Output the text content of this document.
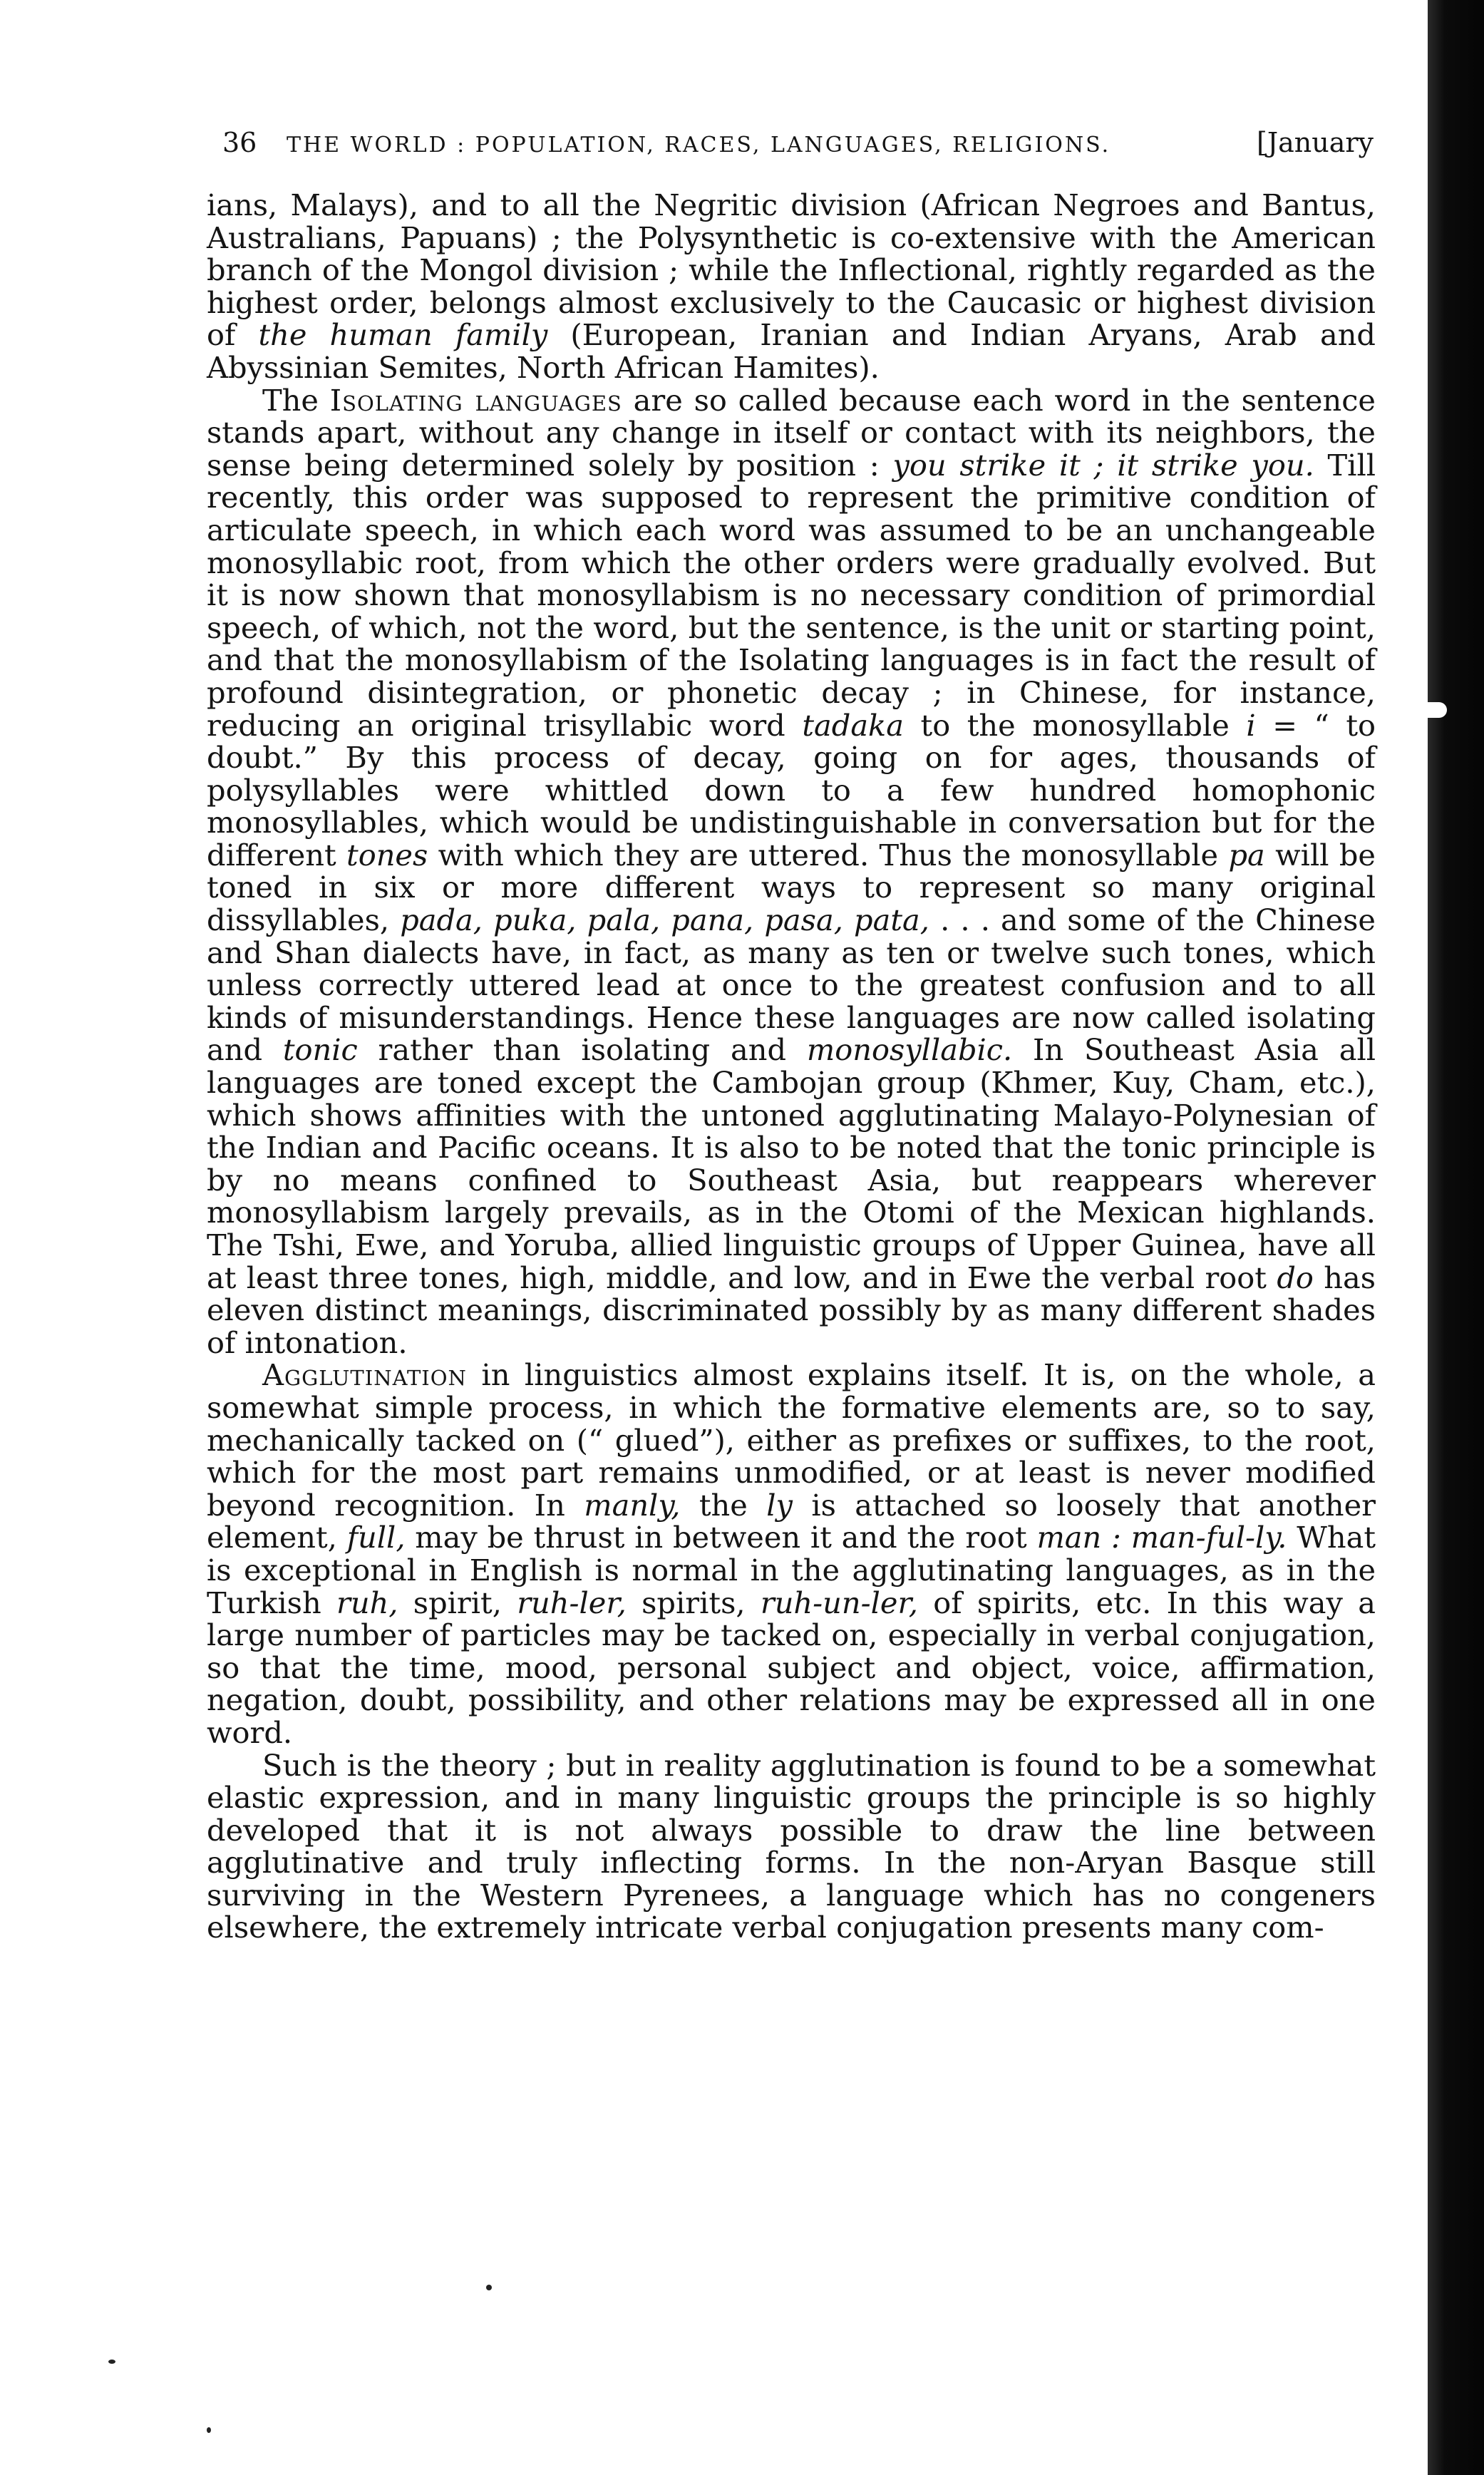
36	THE WORLD : POPULATION, RACES, LANGUAGES, RELIGIONS.	[January

ians, Malays), and to all the Negritic division (African Negroes and Bantus, Australians, Papuans) ; the Polysynthetic is co-extensive with the American branch of the Mongol division ; while the Inflectional, rightly regarded as the highest order, belongs almost exclusively to the Caucasic or highest division of the human family (European, Iranian and Indian Aryans, Arab and Abyssinian Semites, North African Hamites).

The Isolating languages are so called because each word in the sentence stands apart, without any change in itself or contact with its neighbors, the sense being determined solely by position : you strike it ; it strike you. Till recently, this order was supposed to represent the primitive condition of articulate speech, in which each word was assumed to be an unchangeable monosyllabic root, from which the other orders were gradually evolved. But it is now shown that monosyllabism is no necessary condition of primordial speech, of which, not the word, but the sentence, is the unit or starting point, and that the monosyllabism of the Isolating languages is in fact the result of profound disintegration, or phonetic decay ; in Chinese, for instance, reducing an original trisyllabic word tadaka to the monosyllable i = “ to doubt.” By this process of decay, going on for ages, thousands of polysyllables were whittled down to a few hundred homophonic monosyllables, which would be undistinguishable in conversation but for the different tones with which they are uttered. Thus the monosyllable pa will be toned in six or more different ways to represent so many original dissyllables, pada, puka, pala, pana, pasa, pata, . . . and some of the Chinese and Shan dialects have, in fact, as many as ten or twelve such tones, which unless correctly uttered lead at once to the greatest confusion and to all kinds of misunderstandings. Hence these languages are now called isolating and tonic rather than isolating and monosyllabic. In Southeast Asia all languages are toned except the Cambojan group (Khmer, Kuy, Cham, etc.), which shows affinities with the untoned agglutinating Malayo-Polynesian of the Indian and Pacific oceans. It is also to be noted that the tonic principle is by no means confined to Southeast Asia, but reappears wherever monosyllabism largely prevails, as in the Otomi of the Mexican highlands. The Tshi, Ewe, and Yoruba, allied linguistic groups of Upper Guinea, have all at least three tones, high, middle, and low, and in Ewe the verbal root do has eleven distinct meanings, discriminated possibly by as many different shades of intonation.

Agglutination in linguistics almost explains itself. It is, on the whole, a somewhat simple process, in which the formative elements are, so to say, mechanically tacked on (“ glued”), either as prefixes or suffixes, to the root, which for the most part remains unmodified, or at least is never modified beyond recognition. In manly, the ly is attached so loosely that another element, full, may be thrust in between it and the root man : man-ful-ly. What is exceptional in English is normal in the agglutinating languages, as in the Turkish ruh, spirit, ruh-ler, spirits, ruh-un-ler, of spirits, etc. In this way a large number of particles may be tacked on, especially in verbal conjugation, so that the time, mood, personal subject and object, voice, affirmation, negation, doubt, possibility, and other relations may be expressed all in one word.

Such is the theory ; but in reality agglutination is found to be a somewhat elastic expression, and in many linguistic groups the principle is so highly developed that it is not always possible to draw the line between agglutinative and truly inflecting forms. In the non-Aryan Basque still surviving in the Western Pyrenees, a language which has no congeners elsewhere, the extremely intricate verbal conjugation presents many com-
